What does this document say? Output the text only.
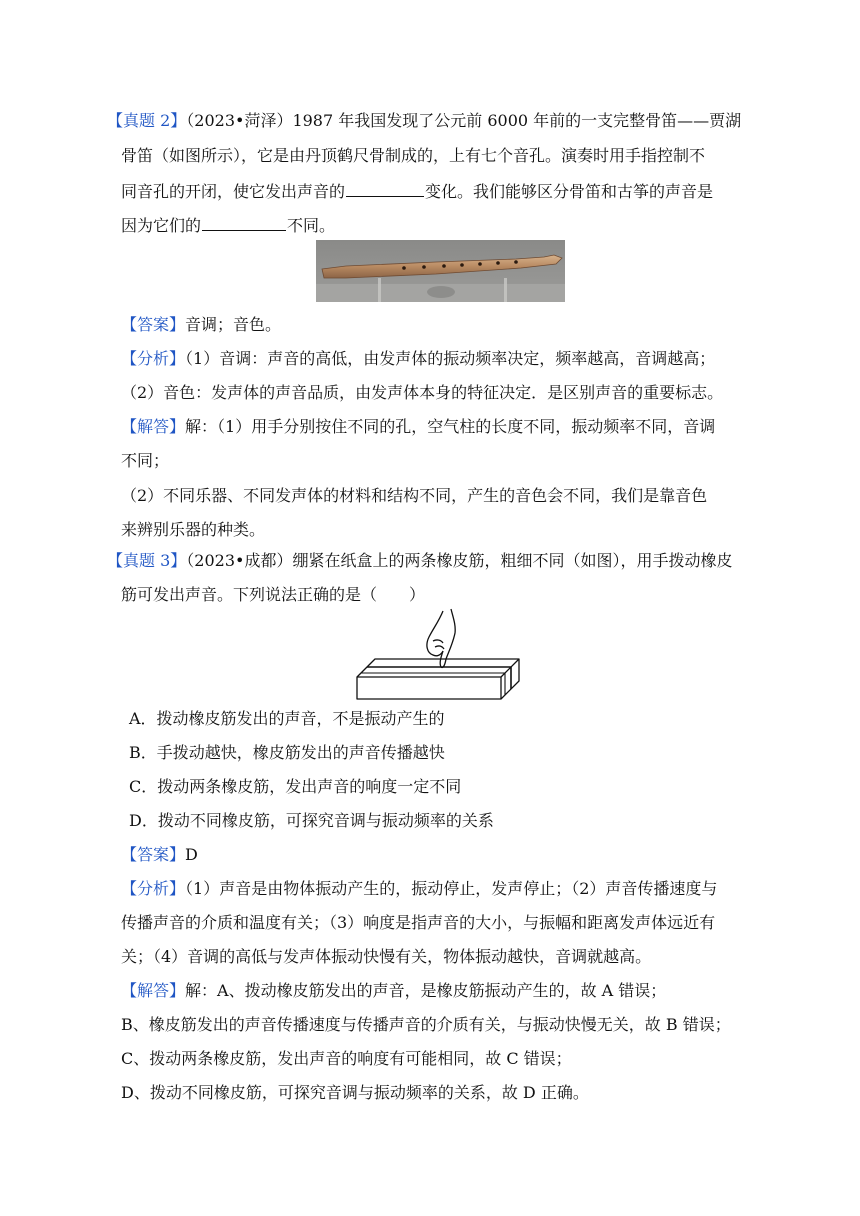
【真题 2】（2023•菏泽）1987 年我国发现了公元前 6000 年前的一支完整骨笛——贾湖
骨笛（如图所示），它是由丹顶鹤尺骨制成的，上有七个音孔。演奏时用手指控制不
同音孔的开闭，使它发出声音的	变化。我们能够区分骨笛和古筝的声音是
因为它们的	不同。
【答案】音调；音色。
【分析】（1）音调：声音的高低，由发声体的振动频率决定，频率越高，音调越高；
（2）音色：发声体的声音品质，由发声体本身的特征决定．是区别声音的重要标志。
【解答】解：（1）用手分别按住不同的孔，空气柱的长度不同，振动频率不同，音调
不同；
（2）不同乐器、不同发声体的材料和结构不同，产生的音色会不同，我们是靠音色
来辨别乐器的种类。
【真题 3】（2023•成都）绷紧在纸盒上的两条橡皮筋，粗细不同（如图），用手拨动橡皮
筋可发出声音。下列说法正确的是（　　）
A．拨动橡皮筋发出的声音，不是振动产生的
B．手拨动越快，橡皮筋发出的声音传播越快
C．拨动两条橡皮筋，发出声音的响度一定不同
D．拨动不同橡皮筋，可探究音调与振动频率的关系
【答案】D
【分析】（1）声音是由物体振动产生的，振动停止，发声停止；（2）声音传播速度与
传播声音的介质和温度有关；（3）响度是指声音的大小，与振幅和距离发声体远近有
关；（4）音调的高低与发声体振动快慢有关，物体振动越快，音调就越高。
【解答】解：A、拨动橡皮筋发出的声音，是橡皮筋振动产生的，故 A 错误；
B、橡皮筋发出的声音传播速度与传播声音的介质有关，与振动快慢无关，故 B 错误；
C、拨动两条橡皮筋，发出声音的响度有可能相同，故 C 错误；
D、拨动不同橡皮筋，可探究音调与振动频率的关系，故 D 正确。
